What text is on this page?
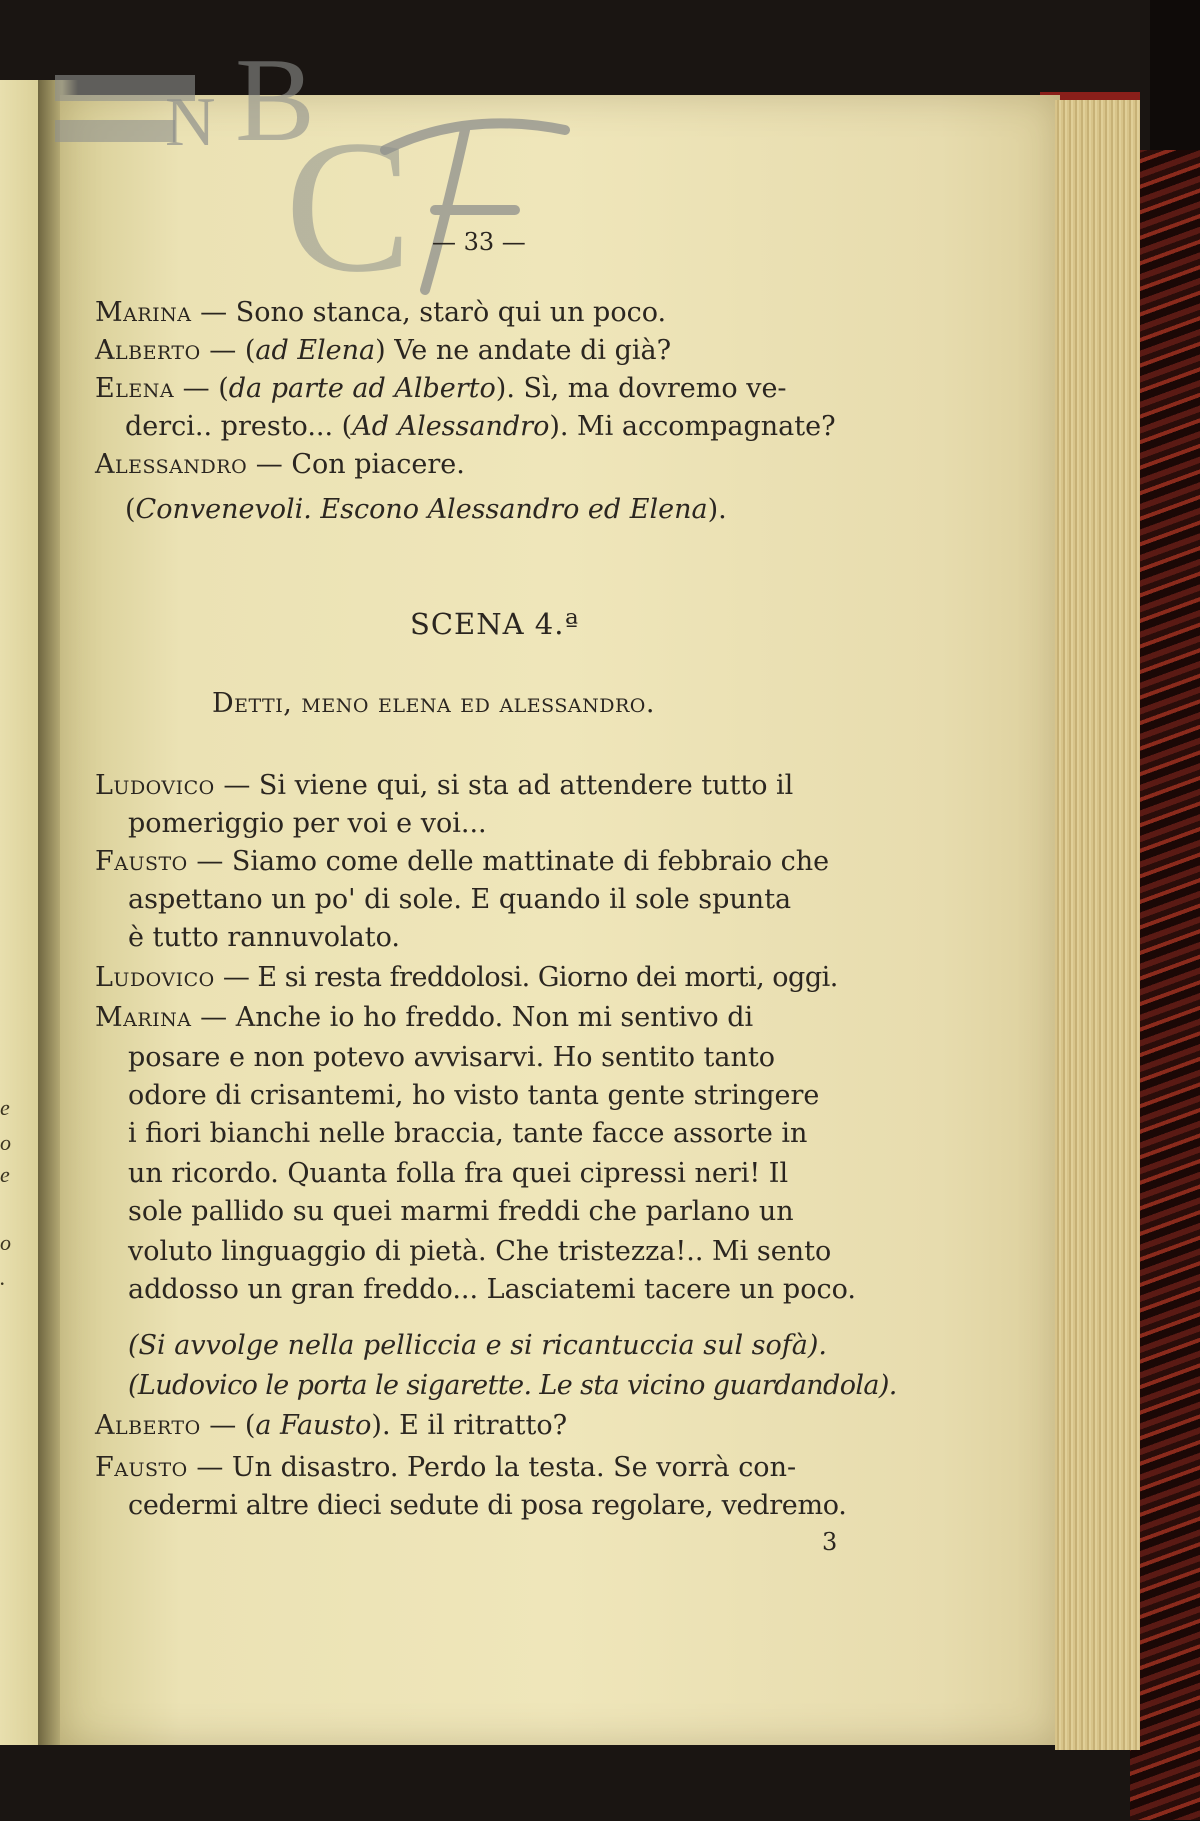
e
o
e
o
.
N B
C — 33 —
Marina — Sono stanca, starò qui un poco.
Alberto — (ad Elena) Ve ne andate di già?
Elena — (da parte ad Alberto). Sì, ma dovremo ve-
derci.. presto... (Ad Alessandro). Mi accompagnate?
Alessandro — Con piacere.
(Convenevoli. Escono Alessandro ed Elena).
SCENA 4.ª
Detti, meno elena ed alessandro.
Ludovico — Si viene qui, si sta ad attendere tutto il
pomeriggio per voi e voi...
Fausto — Siamo come delle mattinate di febbraio che
aspettano un po' di sole. E quando il sole spunta
è tutto rannuvolato.
Ludovico — E si resta freddolosi. Giorno dei morti, oggi.
Marina — Anche io ho freddo. Non mi sentivo di
posare e non potevo avvisarvi. Ho sentito tanto
odore di crisantemi, ho visto tanta gente stringere
i fiori bianchi nelle braccia, tante facce assorte in
un ricordo. Quanta folla fra quei cipressi neri! Il
sole pallido su quei marmi freddi che parlano un
voluto linguaggio di pietà. Che tristezza!.. Mi sento
addosso un gran freddo... Lasciatemi tacere un poco.
(Si avvolge nella pelliccia e si ricantuccia sul sofà).
(Ludovico le porta le sigarette. Le sta vicino guardandola).
Alberto — (a Fausto). E il ritratto?
Fausto — Un disastro. Perdo la testa. Se vorrà con-
cedermi altre dieci sedute di posa regolare, vedremo.
3
